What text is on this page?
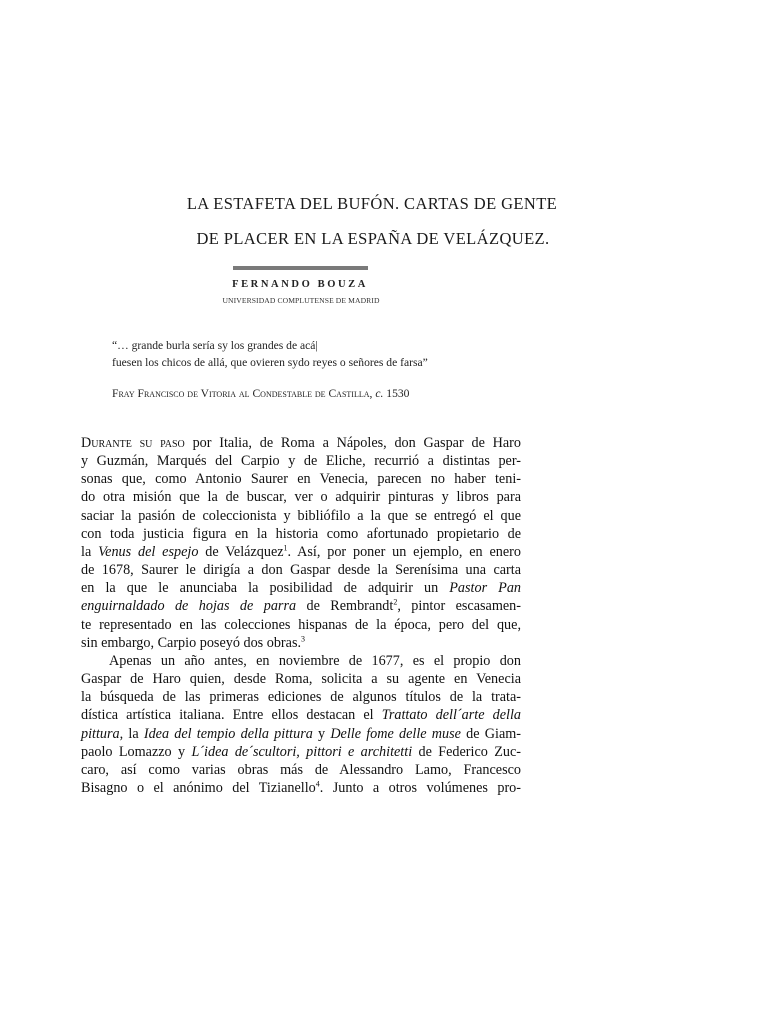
LA ESTAFETA DEL BUFÓN. CARTAS DE GENTE
DE PLACER EN LA ESPAÑA DE VELÁZQUEZ.
FERNANDO BOUZA
UNIVERSIDAD COMPLUTENSE DE MADRID
“… grande burla sería sy los grandes de acá|
fuesen los chicos de allá, que ovieren sydo reyes o señores de farsa”
Fray Francisco de Vitoria al Condestable de Castilla, c. 1530
Durante su paso por Italia, de Roma a Nápoles, don Gaspar de Haro
y Guzmán, Marqués del Carpio y de Eliche, recurrió a distintas per-
sonas que, como Antonio Saurer en Venecia, parecen no haber teni-
do otra misión que la de buscar, ver o adquirir pinturas y libros para
saciar la pasión de coleccionista y bibliófilo a la que se entregó el que
con toda justicia figura en la historia como afortunado propietario de
la Venus del espejo de Velázquez$^1$. Así, por poner un ejemplo, en enero
de 1678, Saurer le dirigía a don Gaspar desde la Serenísima una carta
en la que le anunciaba la posibilidad de adquirir un Pastor Pan
enguirnaldado de hojas de parra de Rembrandt$^2$, pintor escasamen-
te representado en las colecciones hispanas de la época, pero del que,
sin embargo, Carpio poseyó dos obras.$^3$
Apenas un año antes, en noviembre de 1677, es el propio don
Gaspar de Haro quien, desde Roma, solicita a su agente en Venecia
la búsqueda de las primeras ediciones de algunos títulos de la trata-
dística artística italiana. Entre ellos destacan el Trattato dell´arte della
pittura, la Idea del tempio della pittura y Delle fome delle muse de Giam-
paolo Lomazzo y L´idea de´scultori, pittori e architetti de Federico Zuc-
caro, así como varias obras más de Alessandro Lamo, Francesco
Bisagno o el anónimo del Tizianello$^4$. Junto a otros volúmenes pro-
